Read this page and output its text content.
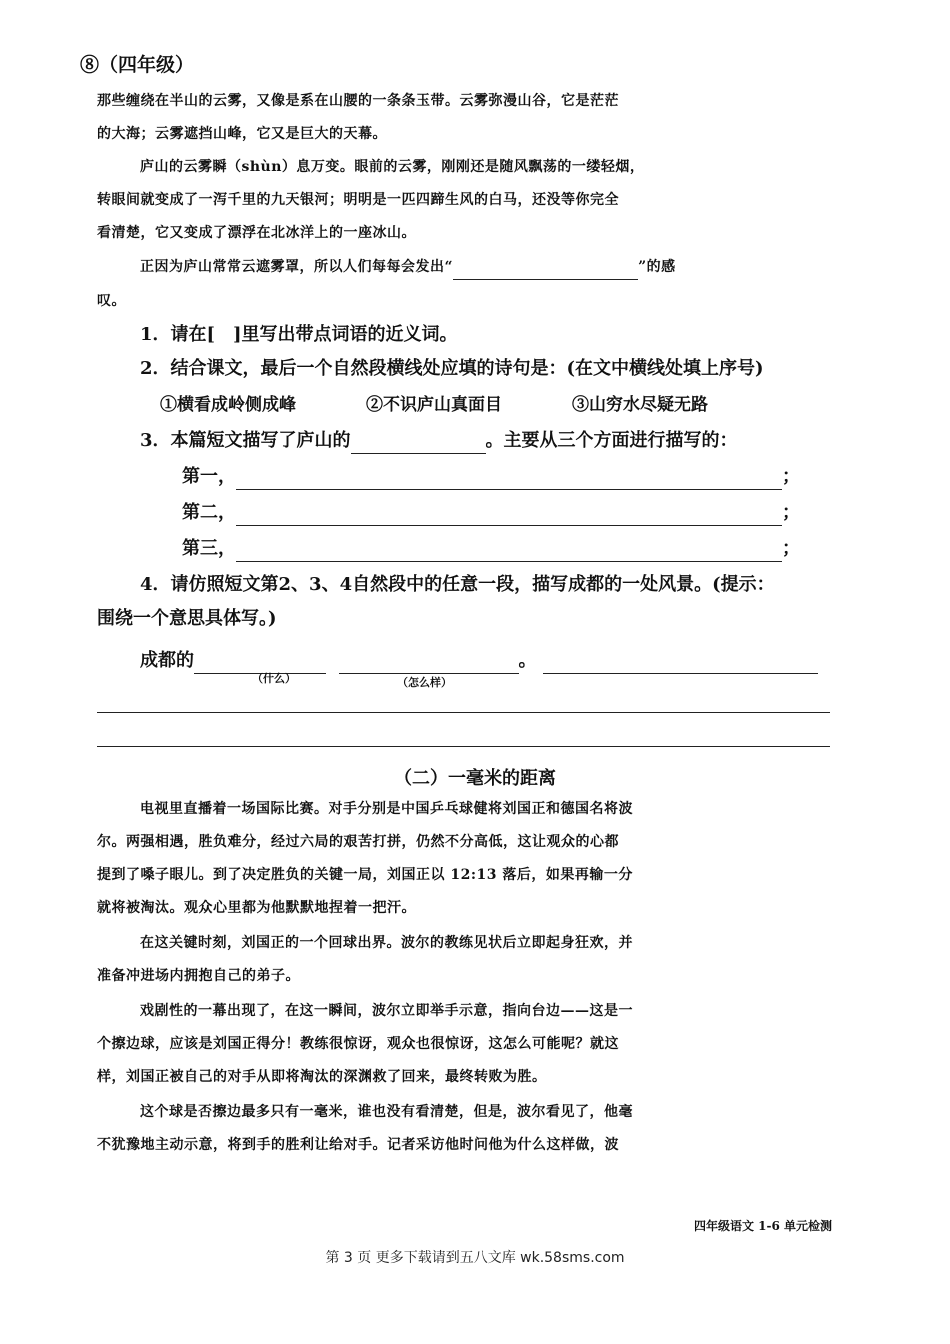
⑧（四年级）
那些缠绕在半山的云雾，又像是系在山腰的一条条玉带。云雾弥漫山谷，它是茫茫
的大海；云雾遮挡山峰，它又是巨大的天幕。
庐山的云雾瞬（shùn）息万变。眼前的云雾，刚刚还是随风飘荡的一缕轻烟，
转眼间就变成了一泻千里的九天银河；明明是一匹四蹄生风的白马，还没等你完全
看清楚，它又变成了漂浮在北冰洋上的一座冰山。
正因为庐山常常云遮雾罩，所以人们每每会发出“	”的感
叹。
1．请在[　]里写出带点词语的近义词。
2．结合课文，最后一个自然段横线处应填的诗句是：(在文中横线处填上序号)
①横看成岭侧成峰	②不识庐山真面目	③山穷水尽疑无路
3．本篇短文描写了庐山的	。主要从三个方面进行描写的：
第一，	；
第二，	；
第三，	；
4．请仿照短文第2、3、4自然段中的任意一段，描写成都的一处风景。(提示：
围绕一个意思具体写。)
成都的	。
（什么）	（怎么样）
（二）一毫米的距离
电视里直播着一场国际比赛。对手分别是中国乒乓球健将刘国正和德国名将波
尔。两强相遇，胜负难分，经过六局的艰苦打拼，仍然不分高低，这让观众的心都
提到了嗓子眼儿。到了决定胜负的关键一局，刘国正以 12:13 落后，如果再输一分
就将被淘汰。观众心里都为他默默地捏着一把汗。
在这关键时刻，刘国正的一个回球出界。波尔的教练见状后立即起身狂欢，并
准备冲进场内拥抱自己的弟子。
戏剧性的一幕出现了，在这一瞬间，波尔立即举手示意，指向台边——这是一
个擦边球，应该是刘国正得分！教练很惊讶，观众也很惊讶，这怎么可能呢？就这
样，刘国正被自己的对手从即将淘汰的深渊救了回来，最终转败为胜。
这个球是否擦边最多只有一毫米，谁也没有看清楚，但是，波尔看见了，他毫
不犹豫地主动示意，将到手的胜利让给对手。记者采访他时问他为什么这样做，波
四年级语文 1-6 单元检测
第 3 页 更多下载请到五八文库 wk.58sms.com
